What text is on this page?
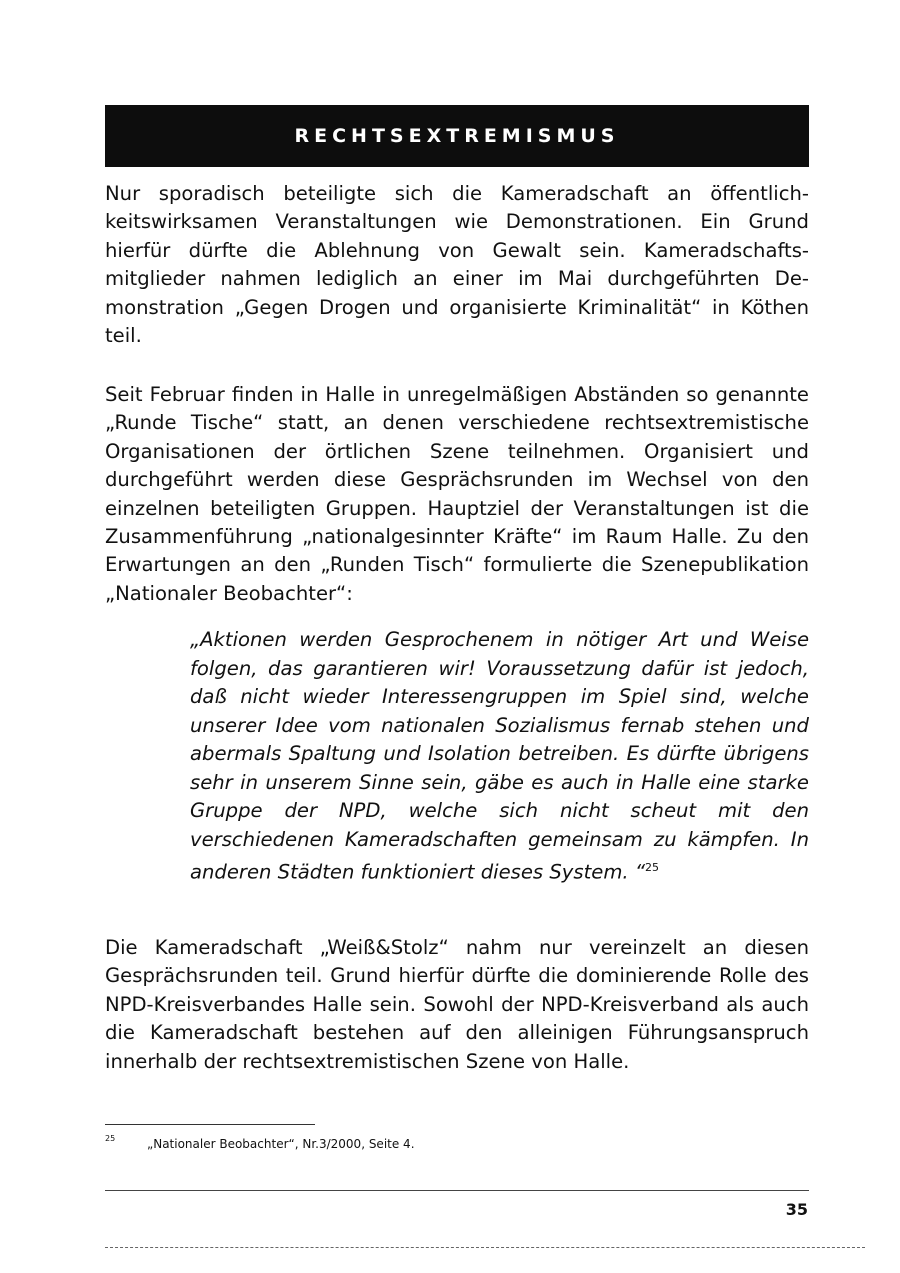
RECHTSEXTREMISMUS

Nur sporadisch beteiligte sich die Kameradschaft an öffentlichkeitswirksamen Veranstaltungen wie Demonstrationen. Ein Grund hierfür dürfte die Ablehnung von Gewalt sein. Kameradschaftsmitglieder nahmen lediglich an einer im Mai durchgeführten Demonstration „Gegen Drogen und organisierte Kriminalität“ in Köthen teil.

Seit Februar finden in Halle in unregelmäßigen Abständen so genannte „Runde Tische“ statt, an denen verschiedene rechtsextremistische Organisationen der örtlichen Szene teilnehmen. Organisiert und durchgeführt werden diese Gesprächsrunden im Wechsel von den einzelnen beteiligten Gruppen. Hauptziel der Veranstaltungen ist die Zusammenführung „nationalgesinnter Kräfte“ im Raum Halle. Zu den Erwartungen an den „Runden Tisch“ formulierte die Szenepublikation „Nationaler Beobachter“:

„Aktionen werden Gesprochenem in nötiger Art und Weise folgen, das garantieren wir! Voraussetzung dafür ist jedoch, daß nicht wieder Interessengruppen im Spiel sind, welche unserer Idee vom nationalen Sozialismus fernab stehen und abermals Spaltung und Isolation betreiben. Es dürfte übrigens sehr in unserem Sinne sein, gäbe es auch in Halle eine starke Gruppe der NPD, welche sich nicht scheut mit den verschiedenen Kameradschaften gemeinsam zu kämpfen. In anderen Städten funktioniert dieses System. “$^{25}$

Die Kameradschaft „Weiß&Stolz“ nahm nur vereinzelt an diesen Gesprächsrunden teil. Grund hierfür dürfte die dominierende Rolle des NPD-Kreisverbandes Halle sein. Sowohl der NPD-Kreisverband als auch die Kameradschaft bestehen auf den alleinigen Führungsanspruch innerhalb der rechtsextremistischen Szene von Halle.

25	„Nationaler Beobachter“, Nr.3/2000, Seite 4.
35
